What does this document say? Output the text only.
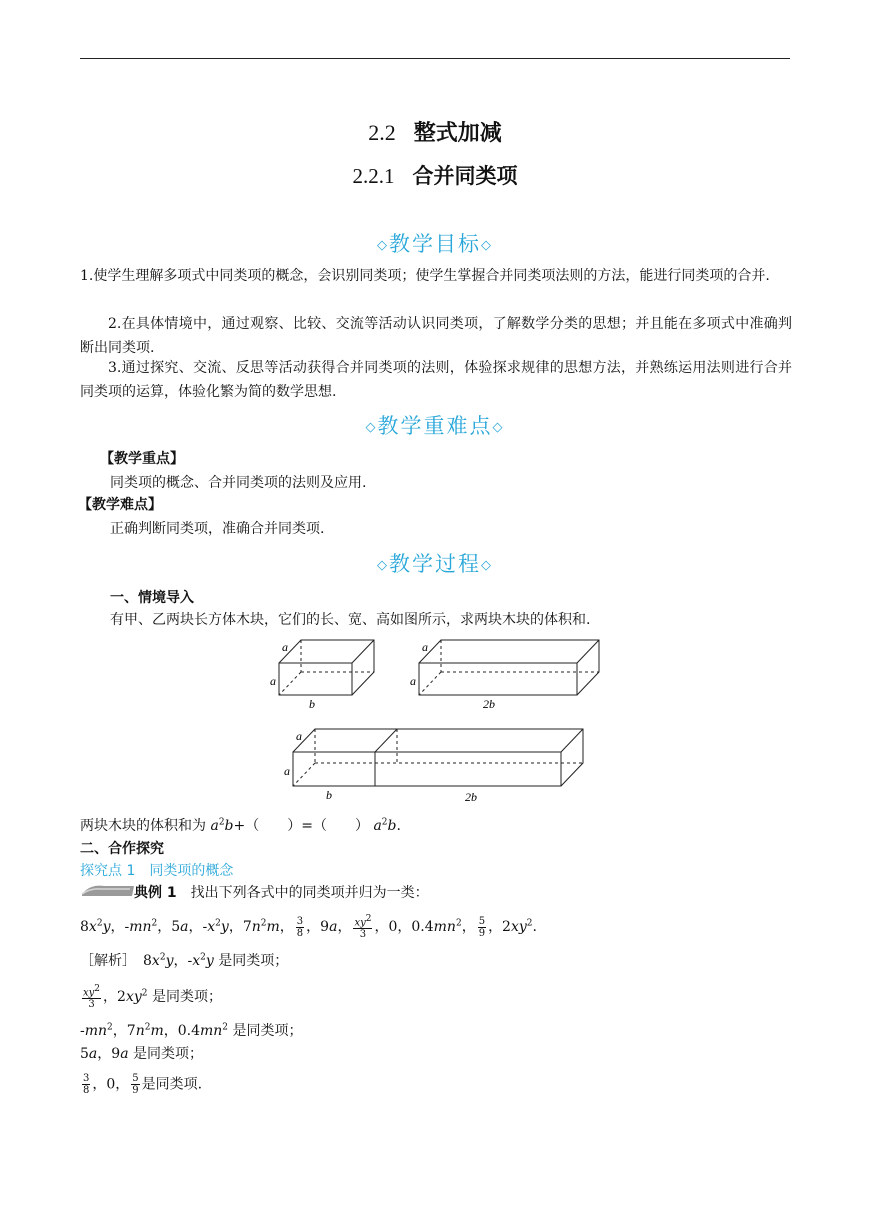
2.2 整式加减
2.2.1 合并同类项
◇教学目标◇

1.使学生理解多项式中同类项的概念，会识别同类项；使学生掌握合并同类项法则的方法，能进行同类项的合并.

2.在具体情境中，通过观察、比较、交流等活动认识同类项，了解数学分类的思想；并且能在多项式中准确判断出同类项.

3.通过探究、交流、反思等活动获得合并同类项的法则，体验探求规律的思想方法，并熟练运用法则进行合并同类项的运算，体验化繁为简的数学思想.

◇教学重难点◇
【教学重点】
同类项的概念、合并同类项的法则及应用.
【教学难点】
正确判断同类项，准确合并同类项.
◇教学过程◇
一、情境导入
有甲、乙两块长方体木块，它们的长、宽、高如图所示，求两块木块的体积和.
a
a
b
a
a
2b
a
a
b	2b
两块木块的体积和为 $a^2b+$（　　）=（　　） $a^2b$.
二、合作探究
探究点 1　同类项的概念
典例 1　 找出下列各式中的同类项并归为一类：
$8x^2y$，$-mn^2$，5a，$-x^2y$，$7n^2m$， $\frac{3}{8}$ ，9a， $\frac{xy^2}{3}$ ，0，$0.4mn^2$， $\frac{5}{9}$ ，$2xy^2$.
［解析］　$8x^2y$，$-x^2y$ 是同类项；
$\frac{xy^2}{3}$ ，$2xy^2$ 是同类项；
$-mn^2$，$7n^2m$，$0.4mn^2$ 是同类项；
5a，9a 是同类项；
$\frac{3}{8}$ ，0， $\frac{5}{9}$ 是同类项.
